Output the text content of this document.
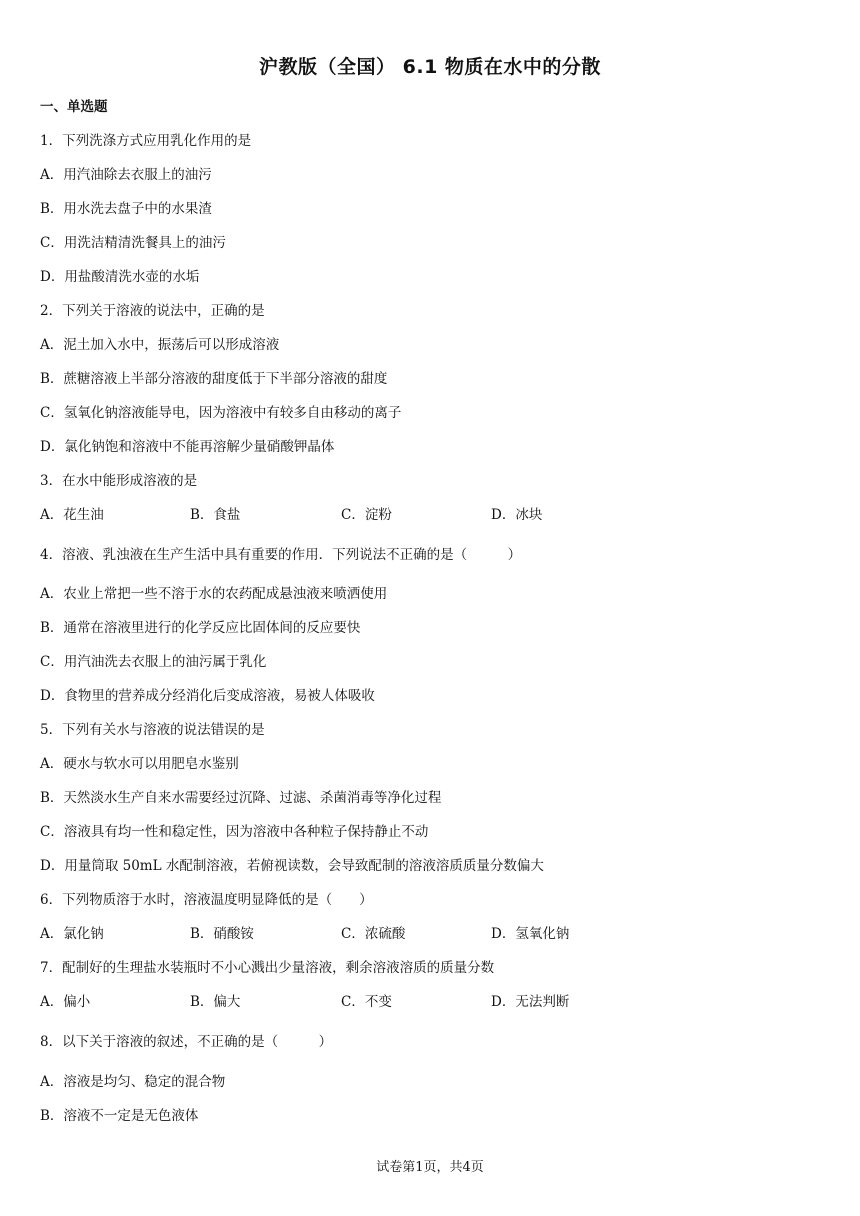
沪教版（全国） 6.1 物质在水中的分散
一、单选题
1．下列洗涤方式应用乳化作用的是
A．用汽油除去衣服上的油污
B．用水洗去盘子中的水果渣
C．用洗洁精清洗餐具上的油污
D．用盐酸清洗水壶的水垢
2．下列关于溶液的说法中，正确的是
A．泥土加入水中，振荡后可以形成溶液
B．蔗糖溶液上半部分溶液的甜度低于下半部分溶液的甜度
C．氢氧化钠溶液能导电，因为溶液中有较多自由移动的离子
D．氯化钠饱和溶液中不能再溶解少量硝酸钾晶体
3．在水中能形成溶液的是
A．花生油	B．食盐	C．淀粉	D．冰块
4．溶液、乳浊液在生产生活中具有重要的作用．下列说法不正确的是（　　　）
A．农业上常把一些不溶于水的农药配成悬浊液来喷洒使用
B．通常在溶液里进行的化学反应比固体间的反应要快
C．用汽油洗去衣服上的油污属于乳化
D．食物里的营养成分经消化后变成溶液，易被人体吸收
5．下列有关水与溶液的说法错误的是
A．硬水与软水可以用肥皂水鉴别
B．天然淡水生产自来水需要经过沉降、过滤、杀菌消毒等净化过程
C．溶液具有均一性和稳定性，因为溶液中各种粒子保持静止不动
D．用量筒取 50mL 水配制溶液，若俯视读数，会导致配制的溶液溶质质量分数偏大
6．下列物质溶于水时，溶液温度明显降低的是（　　）
A．氯化钠	B．硝酸铵	C．浓硫酸	D．氢氧化钠
7．配制好的生理盐水装瓶时不小心溅出少量溶液，剩余溶液溶质的质量分数
A．偏小	B．偏大	C．不变	D．无法判断
8．以下关于溶液的叙述，不正确的是（　　　）
A．溶液是均匀、稳定的混合物
B．溶液不一定是无色液体
试卷第1页，共4页
